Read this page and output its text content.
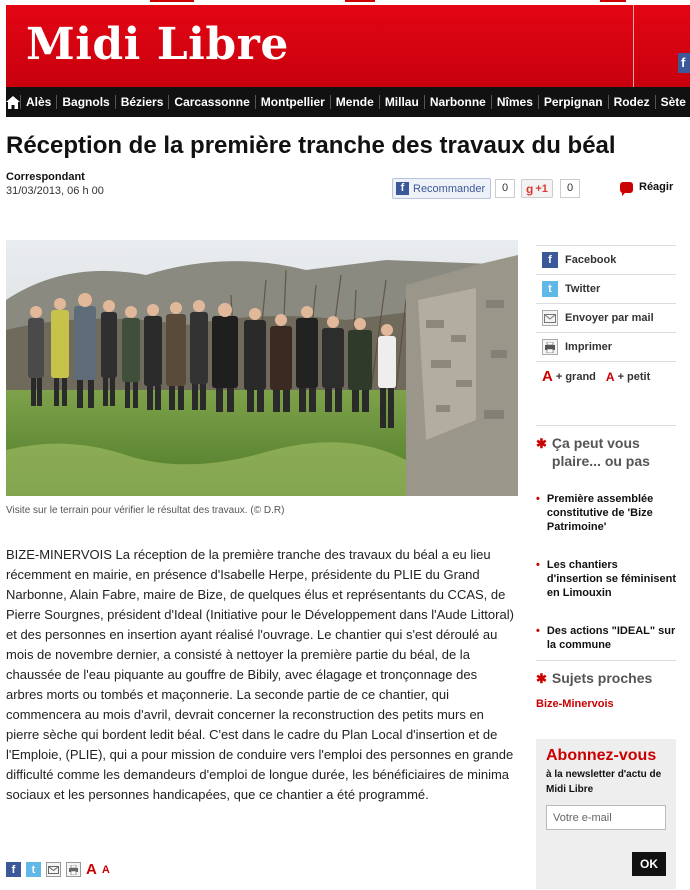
Midi Libre	f
Alès Bagnols Béziers Carcassonne Montpellier Mende Millau Narbonne Nîmes Perpignan Rodez Sète
Réception de la première tranche des travaux du béal
Correspondant
31/03/2013, 06 h 00	f Recommander	0	g +1	0	Réagir
Visite sur le terrain pour vérifier le résultat des travaux. (© D.R)
BIZE-MINERVOIS La réception de la première tranche des travaux du béal a eu lieu récemment en mairie, en présence d'Isabelle Herpe, présidente du PLIE du Grand Narbonne, Alain Fabre, maire de Bize, de quelques élus et représentants du CCAS, de Pierre Sourgnes, président d'Ideal (Initiative pour le Développement dans l'Aude Littoral) et des personnes en insertion ayant réalisé l'ouvrage. Le chantier qui s'est déroulé au mois de novembre dernier, a consisté à nettoyer la première partie du béal, de la chaussée de l'eau piquante au gouffre de Bibily, avec élagage et tronçonnage des arbres morts ou tombés et maçonnerie. La seconde partie de ce chantier, qui commencera au mois d'avril, devrait concerner la reconstruction des petits murs en pierre sèche qui bordent ledit béal. C'est dans le cadre du Plan Local d'insertion et de l'Emploie, (PLIE), qui a pour mission de conduire vers l'emploi des personnes en grande difficulté comme les demandeurs d'emploi de longue durée, les bénéficiaires de minima sociaux et les personnes handicapées, que ce chantier a été programmé.
f	t	A A
f	Facebook
t	Twitter
Envoyer par mail
Imprimer
A + grand A + petit
✱ Ça peut vous plaire... ou pas
• Première assemblée constitutive de 'Bize Patrimoine'
• Les chantiers d'insertion se féminisent en Limouxin
• Des actions "IDEAL" sur la commune
✱ Sujets proches
Bize-Minervois
Abonnez-vous
à la newsletter d'actu de
Midi Libre
Votre e-mail
OK
